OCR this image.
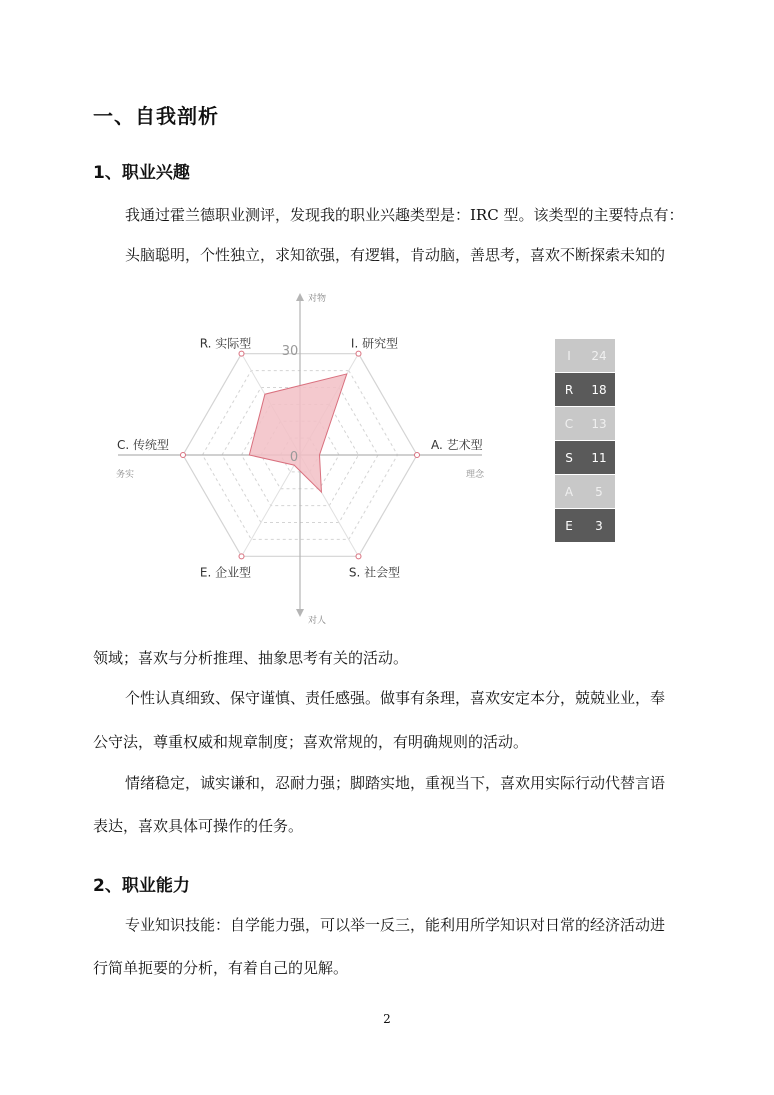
一、自我剖析
1、职业兴趣
我通过霍兰德职业测评，发现我的职业兴趣类型是：IRC 型。该类型的主要特点有：
头脑聪明，个性独立，求知欲强，有逻辑，肯动脑，善思考，喜欢不断探索未知的
I. 研究型
A. 艺术型
S. 社会型
E. 企业型
C. 传统型
R. 实际型
30
0
对物
对人
务实	理念
I	24
R	18
C	13
S	11
A	5
E	3
领域；喜欢与分析推理、抽象思考有关的活动。
个性认真细致、保守谨慎、责任感强。做事有条理，喜欢安定本分，兢兢业业，奉
公守法，尊重权威和规章制度；喜欢常规的，有明确规则的活动。
情绪稳定，诚实谦和，忍耐力强；脚踏实地，重视当下，喜欢用实际行动代替言语
表达，喜欢具体可操作的任务。
2、职业能力
专业知识技能：自学能力强，可以举一反三，能利用所学知识对日常的经济活动进
行简单扼要的分析，有着自己的见解。
2
